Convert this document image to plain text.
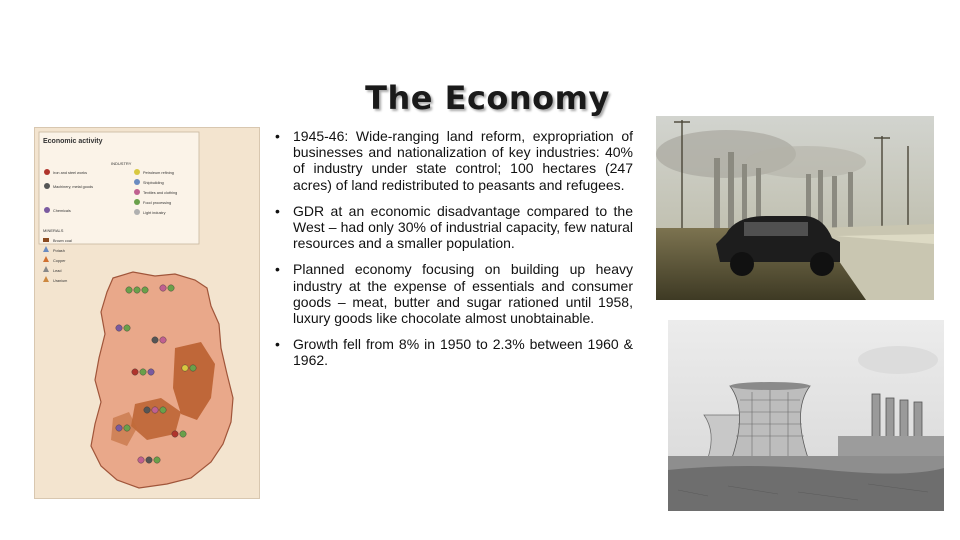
The Economy
Economic activity
INDUSTRY
Iron and steel works
Machinery, metal goods
Chemicals
Petroleum refining
Shipbuilding
Textiles and clothing
Food processing
Light industry
MINERALS
Brown coal
Potash
Copper
Lead
Uranium
• 1945-46: Wide-ranging land reform, expropriation of businesses and nationalization of key industries: 40% of industry under state control; 100 hectares (247 acres) of land redistributed to peasants and refugees.
• GDR at an economic disadvantage compared to the West – had only 30% of industrial capacity, few natural resources and a smaller population.
• Planned economy focusing on building up heavy industry at the expense of essentials and consumer goods – meat, butter and sugar rationed until 1958, luxury goods like chocolate almost unobtainable.
• Growth fell from 8% in 1950 to 2.3% between 1960 & 1962.
